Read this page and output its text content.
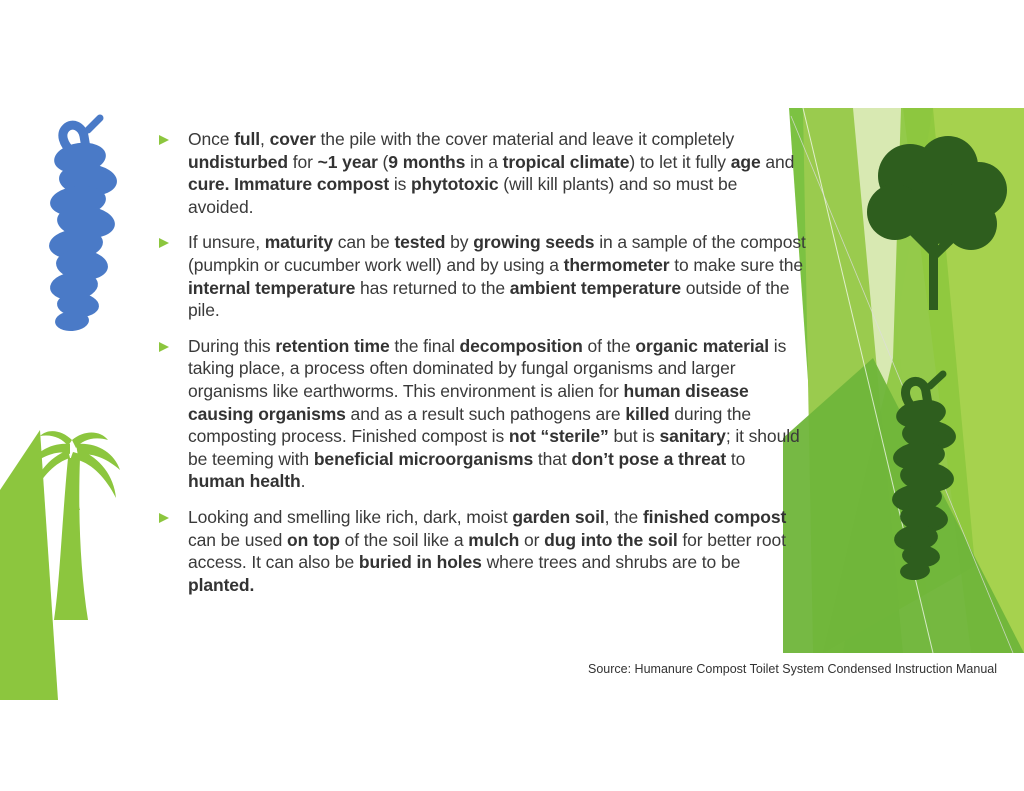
Once full, cover the pile with the cover material and leave it completely undisturbed for ~1 year (9 months in a tropical climate) to let it fully age and cure. Immature compost is phytotoxic (will kill plants) and so must be avoided.
If unsure, maturity can be tested by growing seeds in a sample of the compost (pumpkin or cucumber work well) and by using a thermometer to make sure the internal temperature has returned to the ambient temperature outside of the pile.
During this retention time the final decomposition of the organic material is taking place, a process often dominated by fungal organisms and larger organisms like earthworms. This environment is alien for human disease causing organisms and as a result such pathogens are killed during the composting process. Finished compost is not “sterile” but is sanitary; it should be teeming with beneficial microorganisms that don’t pose a threat to human health.
Looking and smelling like rich, dark, moist garden soil, the finished compost can be used on top of the soil like a mulch or dug into the soil for better root access. It can also be buried in holes where trees and shrubs are to be planted.
Source: Humanure Compost Toilet System Condensed Instruction Manual
